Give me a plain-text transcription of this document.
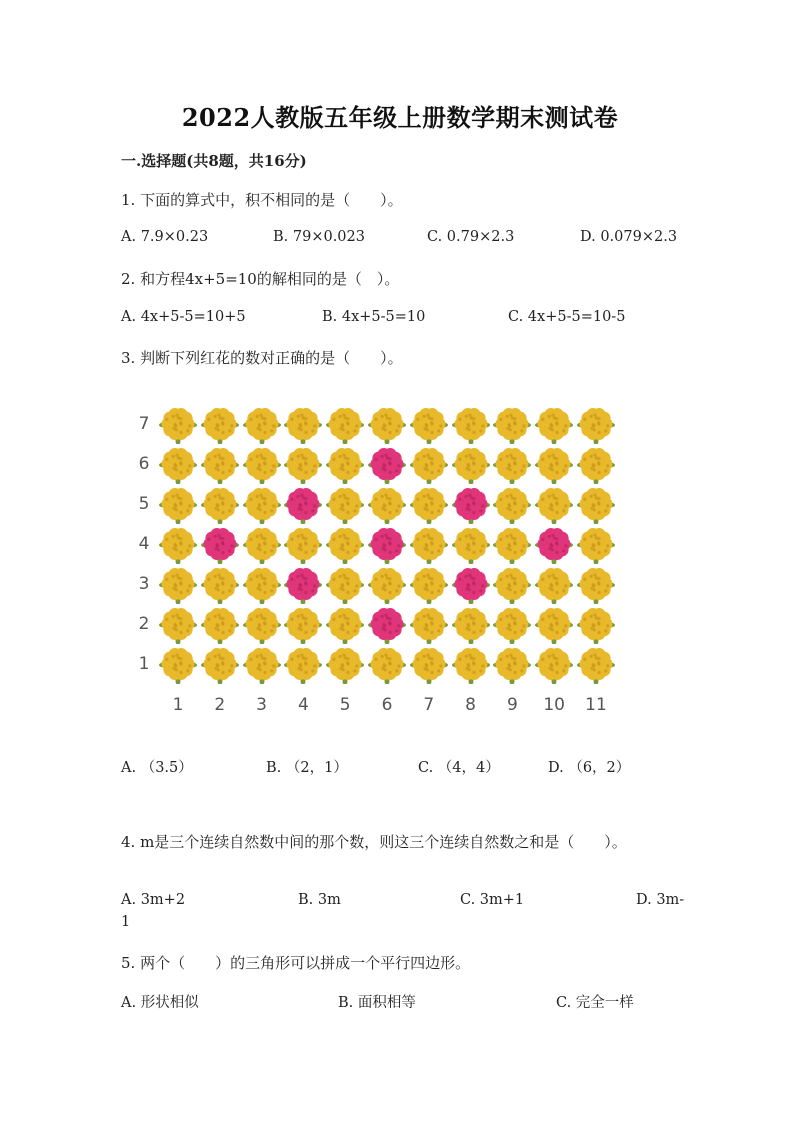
2022人教版五年级上册数学期末测试卷
一.选择题(共8题，共16分)
1. 下面的算式中，积不相同的是（　　）。
A. 7.9×0.23	B. 79×0.023	C. 0.79×2.3	D. 0.079×2.3
2. 和方程4x+5=10的解相同的是（　）。
A. 4x+5-5=10+5	B. 4x+5-5=10	C. 4x+5-5=10-5
3. 判断下列红花的数对正确的是（　　）。
7
6
5
4
3
2
1
1	2	3	4	5	6	7	8	9	10 11
A. （3.5）	B. （2，1）	C. （4，4）	D. （6，2）
4. m是三个连续自然数中间的那个数，则这三个连续自然数之和是（　　）。
A. 3m+2	B. 3m	C. 3m+1	D. 3m-
1
5. 两个（　　）的三角形可以拼成一个平行四边形。
A. 形状相似	B. 面积相等	C. 完全一样
